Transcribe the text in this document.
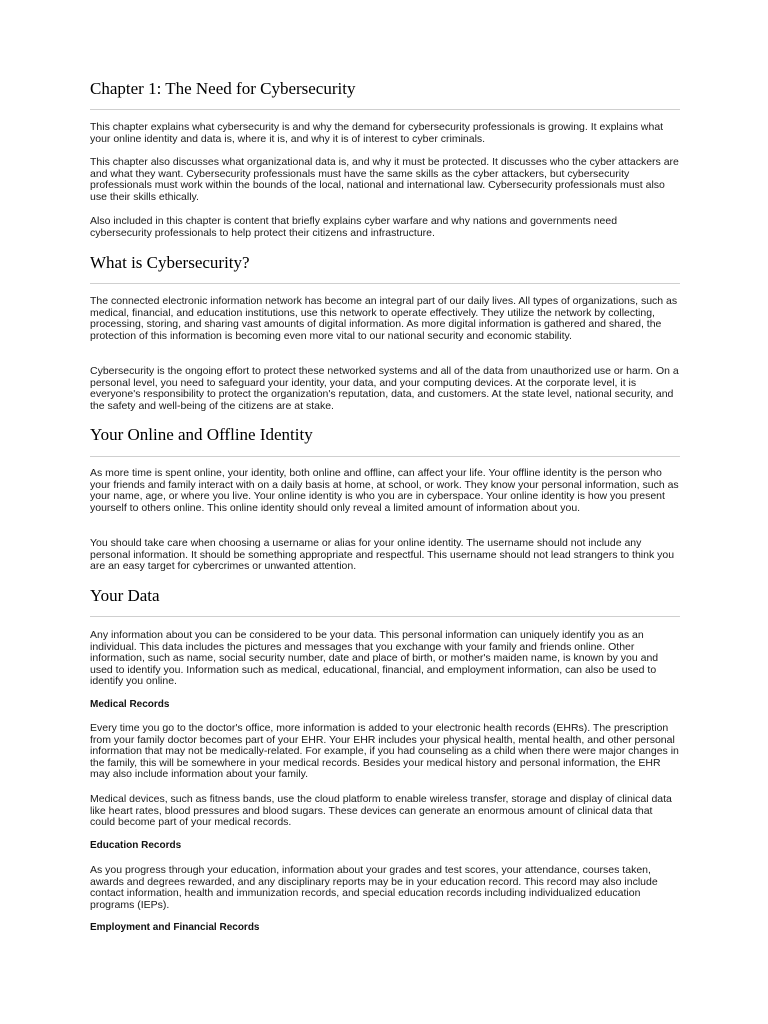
Chapter 1: The Need for Cybersecurity

This chapter explains what cybersecurity is and why the demand for cybersecurity professionals is growing. It explains what your online identity and data is, where it is, and why it is of interest to cyber criminals.

This chapter also discusses what organizational data is, and why it must be protected. It discusses who the cyber attackers are and what they want. Cybersecurity professionals must have the same skills as the cyber attackers, but cybersecurity professionals must work within the bounds of the local, national and international law. Cybersecurity professionals must also use their skills ethically.

Also included in this chapter is content that briefly explains cyber warfare and why nations and governments need cybersecurity professionals to help protect their citizens and infrastructure.

What is Cybersecurity?

The connected electronic information network has become an integral part of our daily lives. All types of organizations, such as medical, financial, and education institutions, use this network to operate effectively. They utilize the network by collecting, processing, storing, and sharing vast amounts of digital information. As more digital information is gathered and shared, the protection of this information is becoming even more vital to our national security and economic stability.

Cybersecurity is the ongoing effort to protect these networked systems and all of the data from unauthorized use or harm. On a personal level, you need to safeguard your identity, your data, and your computing devices. At the corporate level, it is everyone's responsibility to protect the organization's reputation, data, and customers. At the state level, national security, and the safety and well-being of the citizens are at stake.

Your Online and Offline Identity

As more time is spent online, your identity, both online and offline, can affect your life. Your offline identity is the person who your friends and family interact with on a daily basis at home, at school, or work. They know your personal information, such as your name, age, or where you live. Your online identity is who you are in cyberspace. Your online identity is how you present yourself to others online. This online identity should only reveal a limited amount of information about you.

You should take care when choosing a username or alias for your online identity. The username should not include any personal information. It should be something appropriate and respectful. This username should not lead strangers to think you are an easy target for cybercrimes or unwanted attention.

Your Data

Any information about you can be considered to be your data. This personal information can uniquely identify you as an individual. This data includes the pictures and messages that you exchange with your family and friends online. Other information, such as name, social security number, date and place of birth, or mother's maiden name, is known by you and used to identify you. Information such as medical, educational, financial, and employment information, can also be used to identify you online.

Medical Records

Every time you go to the doctor's office, more information is added to your electronic health records (EHRs). The prescription from your family doctor becomes part of your EHR. Your EHR includes your physical health, mental health, and other personal information that may not be medically-related. For example, if you had counseling as a child when there were major changes in the family, this will be somewhere in your medical records. Besides your medical history and personal information, the EHR may also include information about your family.

Medical devices, such as fitness bands, use the cloud platform to enable wireless transfer, storage and display of clinical data like heart rates, blood pressures and blood sugars. These devices can generate an enormous amount of clinical data that could become part of your medical records.

Education Records

As you progress through your education, information about your grades and test scores, your attendance, courses taken, awards and degrees rewarded, and any disciplinary reports may be in your education record. This record may also include contact information, health and immunization records, and special education records including individualized education programs (IEPs).

Employment and Financial Records
